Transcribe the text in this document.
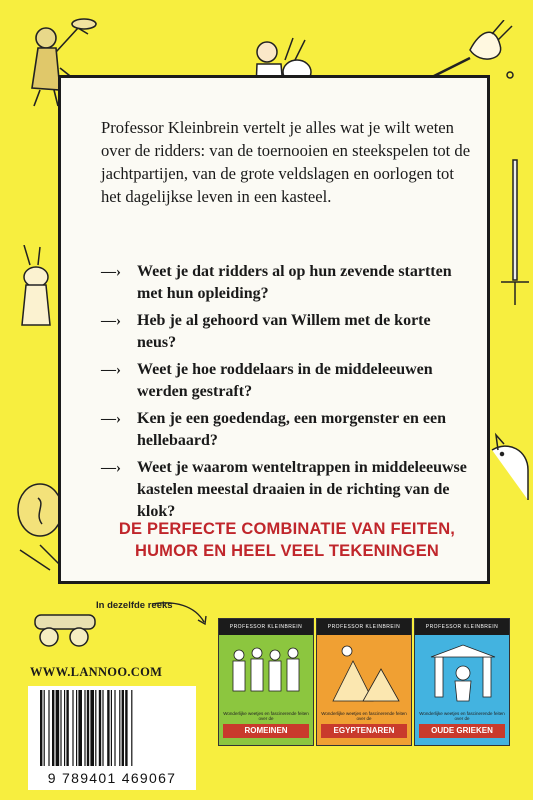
Professor Kleinbrein vertelt je alles wat je wilt weten over de ridders: van de toernooien en steekspelen tot de jachtpartijen, van de grote veldslagen en oorlogen tot het dagelijkse leven in een kasteel.

—› Weet je dat ridders al op hun zevende startten met hun opleiding?
—› Heb je al gehoord van Willem met de korte neus?
—› Weet je hoe roddelaars in de middeleeuwen werden gestraft?
—› Ken je een goedendag, een morgenster en een hellebaard?
—› Weet je waarom wenteltrappen in middeleeuwse kastelen meestal draaien in de richting van de klok?

DE PERFECTE COMBINATIE VAN FEITEN,
HUMOR EN HEEL VEEL TEKENINGEN

In dezelfde reeks
WWW.LANNOO.COM
9 789401 469067
PROFESSOR KLEINBREIN
Wonderlijke weetjes en fascinerende feiten over de
ROMEINEN
PROFESSOR KLEINBREIN
Wonderlijke weetjes en fascinerende feiten over de
EGYPTENAREN
PROFESSOR KLEINBREIN
Wonderlijke weetjes en fascinerende feiten over de
OUDE GRIEKEN
